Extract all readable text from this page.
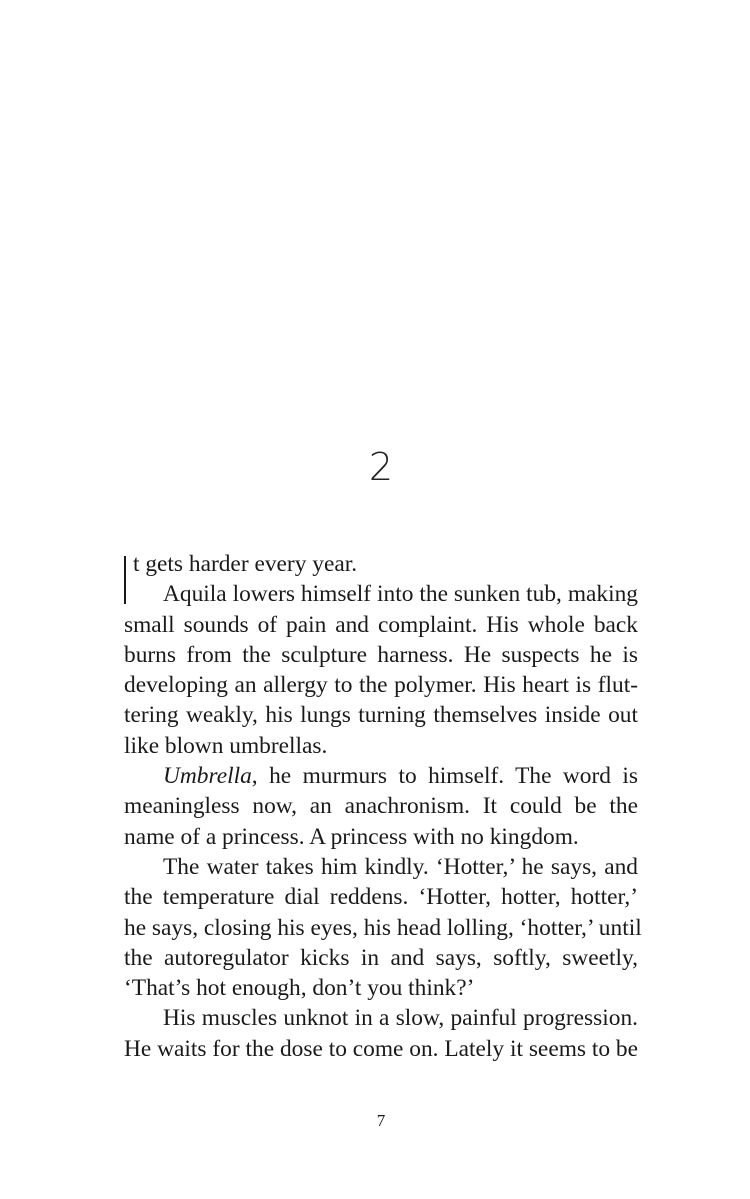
2
t gets harder every year.
Aquila lowers himself into the sunken tub, making
small sounds of pain and complaint. His whole back
burns from the sculpture harness. He suspects he is
developing an allergy to the polymer. His heart is flut-
tering weakly, his lungs turning themselves inside out
like blown umbrellas.
Umbrella, he murmurs to himself. The word is
meaningless now, an anachronism. It could be the
name of a princess. A princess with no kingdom.
The water takes him kindly. ‘Hotter,’ he says, and
the temperature dial reddens. ‘Hotter, hotter, hotter,’
he says, closing his eyes, his head lolling, ‘hotter,’ until
the autoregulator kicks in and says, softly, sweetly,
‘That’s hot enough, don’t you think?’
His muscles unknot in a slow, painful progression.
He waits for the dose to come on. Lately it seems to be
7
